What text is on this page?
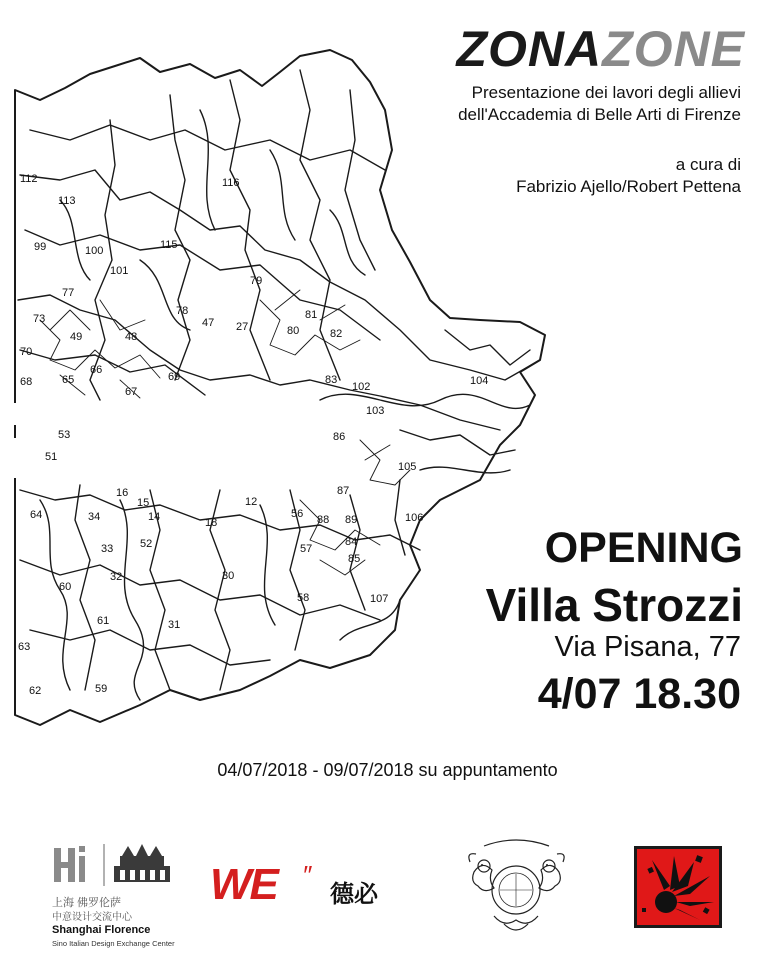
116
113
112
99	100	115
101
77
73
70
78
47
79
80
81
82
83
102
103
104
105
86
87
88 89	106
107
58
57
56
30
31
18
12
14
15
16
34
33
32
61
60
64
62	59
63
51
52
53
84
85
65
66
67
68	69
49	48
27
ZONAZONE
Presentazione dei lavori degli allievi
dell'Accademia di Belle Arti di Firenze
a cura di
Fabrizio Ajello/Robert Pettena
OPENING
Villa Strozzi
Via Pisana, 77
4/07 18.30
04/07/2018 - 09/07/2018 su appuntamento
上海 佛罗伦萨
中意设计交流中心
Shanghai Florence
Sino Italian Design Exchange Center
WE ″
德必
